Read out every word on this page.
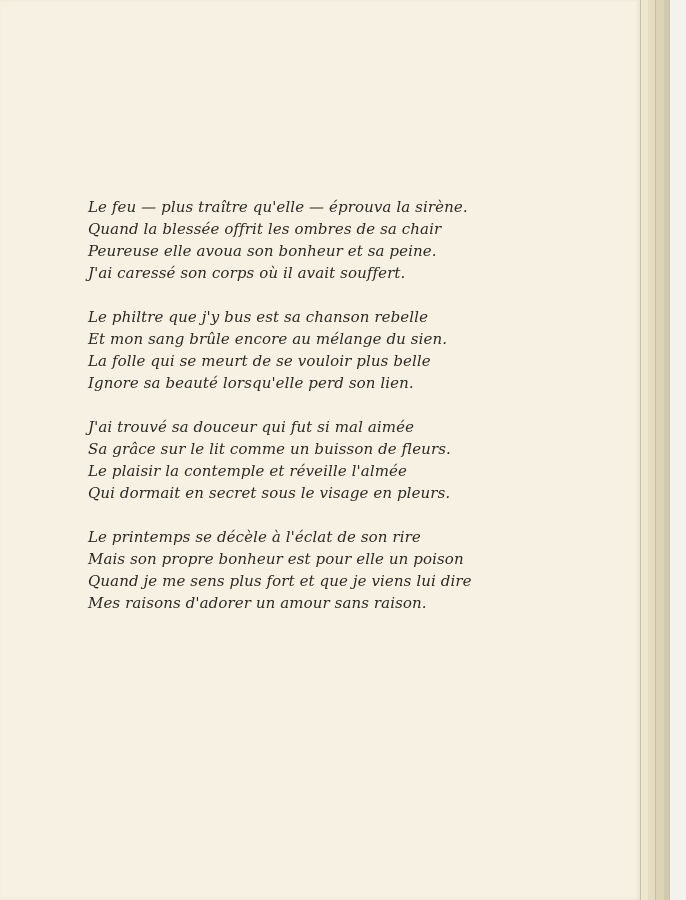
Le feu — plus traître qu'elle — éprouva la sirène.
Quand la blessée offrit les ombres de sa chair
Peureuse elle avoua son bonheur et sa peine.
J'ai caressé son corps où il avait souffert.
Le philtre que j'y bus est sa chanson rebelle
Et mon sang brûle encore au mélange du sien.
La folle qui se meurt de se vouloir plus belle
Ignore sa beauté lorsqu'elle perd son lien.
J'ai trouvé sa douceur qui fut si mal aimée
Sa grâce sur le lit comme un buisson de fleurs.
Le plaisir la contemple et réveille l'almée
Qui dormait en secret sous le visage en pleurs.
Le printemps se décèle à l'éclat de son rire
Mais son propre bonheur est pour elle un poison
Quand je me sens plus fort et que je viens lui dire
Mes raisons d'adorer un amour sans raison.
